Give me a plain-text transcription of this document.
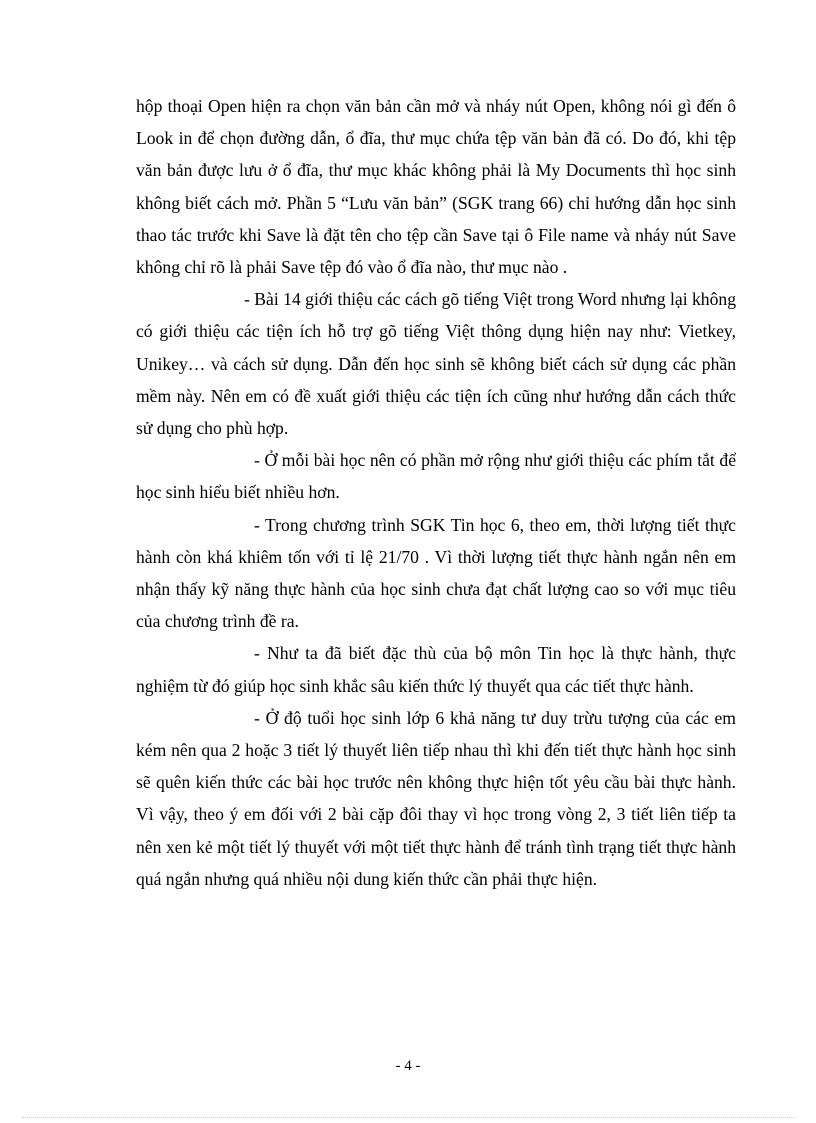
hộp thoại Open hiện ra chọn văn bản cần mở và nháy nút Open, không nói gì đến ô Look in để chọn đường dẫn, ổ đĩa, thư mục chứa tệp văn bản đã có. Do đó, khi tệp văn bản được lưu ở ổ đĩa, thư mục khác không phải là My Documents thì học sinh không biết cách mở. Phần 5 “Lưu văn bản” (SGK trang 66) chỉ hướng dẫn học sinh thao tác trước khi Save là đặt tên cho tệp cần Save tại ô File name và nháy nút Save không chỉ rõ là phải Save tệp đó vào ổ đĩa nào, thư mục nào .

- Bài 14 giới thiệu các cách gõ tiếng Việt trong Word nhưng lại không có giới thiệu các tiện ích hỗ trợ gõ tiếng Việt thông dụng hiện nay như: Vietkey, Unikey… và cách sử dụng. Dẫn đến học sinh sẽ không biết cách sử dụng các phần mềm này. Nên em có đề xuất giới thiệu các tiện ích cũng như hướng dẫn cách thức sử dụng cho phù hợp.

- Ở mỗi bài học nên có phần mở rộng như giới thiệu các phím tắt để học sinh hiểu biết nhiều hơn.

- Trong chương trình SGK Tin học 6, theo em, thời lượng tiết thực hành còn khá khiêm tốn với tỉ lệ 21/70 . Vì thời lượng tiết thực hành ngắn nên em nhận thấy kỹ năng thực hành của học sinh chưa đạt chất lượng cao so với mục tiêu của chương trình đề ra.

- Như ta đã biết đặc thù của bộ môn Tin học là thực hành, thực nghiệm từ đó giúp học sinh khắc sâu kiến thức lý thuyết qua các tiết thực hành.

- Ở độ tuổi học sinh lớp 6 khả năng tư duy trừu tượng của các em kém nên qua 2 hoặc 3 tiết lý thuyết liên tiếp nhau thì khi đến tiết thực hành học sinh sẽ quên kiến thức các bài học trước nên không thực hiện tốt yêu cầu bài thực hành. Vì vậy, theo ý em đối với 2 bài cặp đôi thay vì học trong vòng 2, 3 tiết liên tiếp ta nên xen kẻ một tiết lý thuyết với một tiết thực hành để tránh tình trạng tiết thực hành quá ngắn nhưng quá nhiều nội dung kiến thức cần phải thực hiện.

- 4 -
